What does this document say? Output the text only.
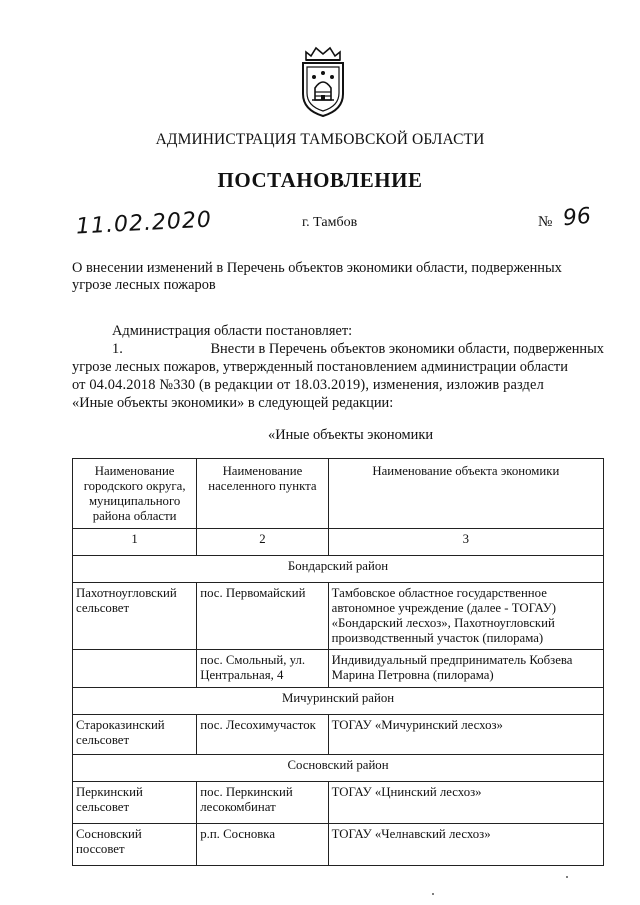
АДМИНИСТРАЦИЯ ТАМБОВСКОЙ ОБЛАСТИ
ПОСТАНОВЛЕНИЕ
11.02.2020	г. Тамбов	№ 96
О внесении изменений в Перечень объектов экономики области, подверженных
угрозе лесных пожаров
Администрация области постановляет:
1.	Внести в Перечень объектов экономики области, подверженных
угрозе лесных пожаров, утвержденный постановлением администрации области
от 04.04.2018 №330 (в редакции от 18.03.2019), изменения, изложив раздел
«Иные объекты экономики» в следующей редакции:
«Иные объекты экономики
Наименование городского округа, муниципального района области	Наименование населенного пункта	Наименование объекта экономики
1	2	3
Бондарский район		
Пахотноугловский сельсовет	пос. Первомайский	Тамбовское областное государственное автономное учреждение (далее - ТОГАУ) «Бондарский лесхоз», Пахотноугловский производственный участок (пилорама)
	пос. Смольный, ул. Центральная, 4	Индивидуальный предприниматель Кобзева Марина Петровна (пилорама)
Мичуринский район		
Староказинский сельсовет	пос. Лесохимучасток	ТОГАУ «Мичуринский лесхоз»
Сосновский район		
Перкинский сельсовет	пос. Перкинский лесокомбинат	ТОГАУ «Цнинский лесхоз»
Сосновский поссовет	р.п. Сосновка	ТОГАУ «Челнавский лесхоз»
